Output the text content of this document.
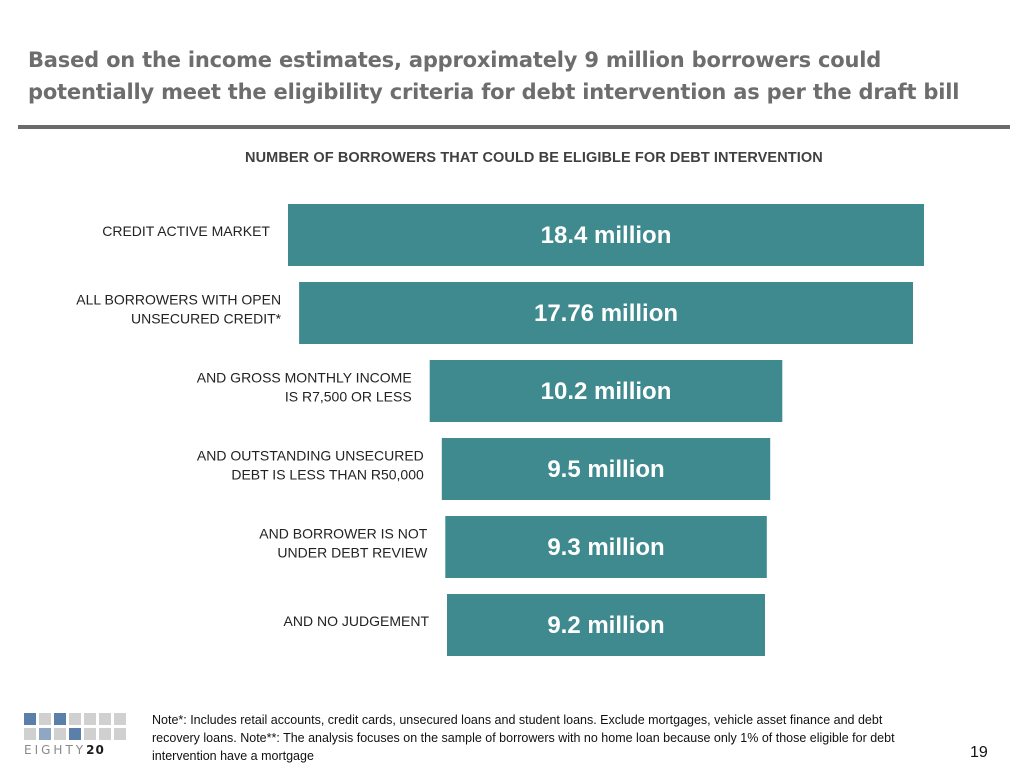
Based on the income estimates, approximately 9 million borrowers could potentially meet the eligibility criteria for debt intervention as per the draft bill
NUMBER OF BORROWERS THAT COULD BE ELIGIBLE FOR DEBT INTERVENTION
18.4 million
CREDIT ACTIVE MARKET
17.76 million
ALL BORROWERS WITH OPEN UNSECURED CREDIT*
10.2 million
AND GROSS MONTHLY INCOME IS R7,500 OR LESS
9.5 million
AND OUTSTANDING UNSECURED DEBT IS LESS THAN R50,000
9.3 million
AND BORROWER IS NOT UNDER DEBT REVIEW
9.2 million
AND NO JUDGEMENT
EIGHTY20
Note*: Includes retail accounts, credit cards, unsecured loans and student loans. Exclude mortgages, vehicle asset finance and debt recovery loans. Note**: The analysis focuses on the sample of borrowers with no home loan because only 1% of those eligible for debt intervention have a mortgage	19
